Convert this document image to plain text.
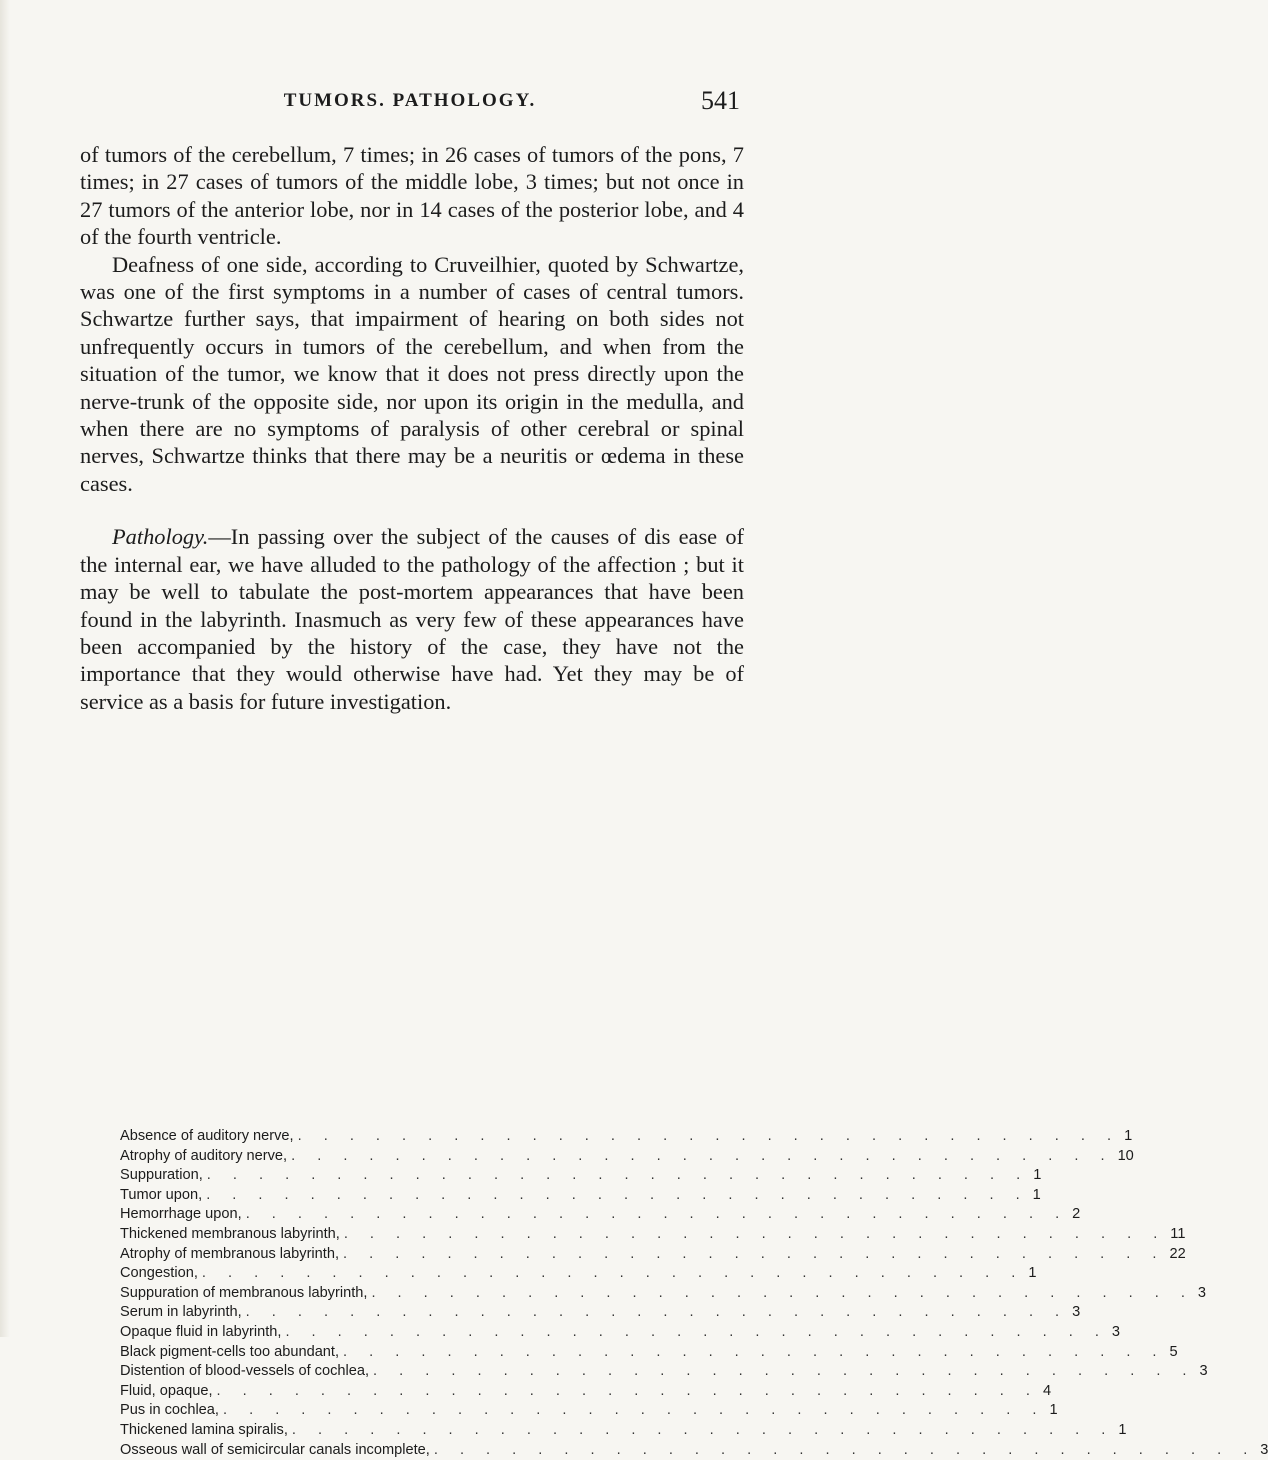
TUMORS. PATHOLOGY.	541

of tumors of the cerebellum, 7 times; in 26 cases of tumors of the pons, 7 times; in 27 cases of tumors of the middle lobe, 3 times; but not once in 27 tumors of the anterior lobe, nor in 14 cases of the posterior lobe, and 4 of the fourth ventricle.

Deafness of one side, according to Cruveilhier, quoted by Schwartze, was one of the first symptoms in a number of cases of central tumors. Schwartze further says, that impairment of hearing on both sides not unfrequently occurs in tumors of the cerebellum, and when from the situation of the tumor, we know that it does not press directly upon the nerve-trunk of the opposite side, nor upon its origin in the medulla, and when there are no symptoms of paralysis of other cerebral or spinal nerves, Schwartze thinks that there may be a neuritis or œdema in these cases.

Pathology.—In passing over the subject of the causes of dis ease of the internal ear, we have alluded to the pathology of the affection ; but it may be well to tabulate the post-mortem appearances that have been found in the labyrinth. Inasmuch as very few of these appearances have been accompanied by the history of the case, they have not the importance that they would otherwise have had. Yet they may be of service as a basis for future investigation.

Absence of auditory nerve, . . . . . . . . . . . . . . . . . . . . . . . . . . . . . . . . 1
Atrophy of auditory nerve, . . . . . . . . . . . . . . . . . . . . . . . . . . . . . . . . 10
Suppuration, . . . . . . . . . . . . . . . . . . . . . . . . . . . . . . . . 1
Tumor upon, . . . . . . . . . . . . . . . . . . . . . . . . . . . . . . . . 1
Hemorrhage upon, . . . . . . . . . . . . . . . . . . . . . . . . . . . . . . . . 2
Thickened membranous labyrinth, . . . . . . . . . . . . . . . . . . . . . . . . . . . . . . . . 11
Atrophy of membranous labyrinth, . . . . . . . . . . . . . . . . . . . . . . . . . . . . . . . . 22
Congestion, . . . . . . . . . . . . . . . . . . . . . . . . . . . . . . . . 1
Suppuration of membranous labyrinth, . . . . . . . . . . . . . . . . . . . . . . . . . . . . . . . . 3
Serum in labyrinth, . . . . . . . . . . . . . . . . . . . . . . . . . . . . . . . . 3
Opaque fluid in labyrinth, . . . . . . . . . . . . . . . . . . . . . . . . . . . . . . . . 3
Black pigment-cells too abundant, . . . . . . . . . . . . . . . . . . . . . . . . . . . . . . . . 5
Distention of blood-vessels of cochlea, . . . . . . . . . . . . . . . . . . . . . . . . . . . . . . . . 3
Fluid, opaque, . . . . . . . . . . . . . . . . . . . . . . . . . . . . . . . . 4
Pus in cochlea, . . . . . . . . . . . . . . . . . . . . . . . . . . . . . . . . 1
Thickened lamina spiralis, . . . . . . . . . . . . . . . . . . . . . . . . . . . . . . . . 1
Osseous wall of semicircular canals incomplete, . . . . . . . . . . . . . . . . . . . . . . . . . . . . . . . . 3
